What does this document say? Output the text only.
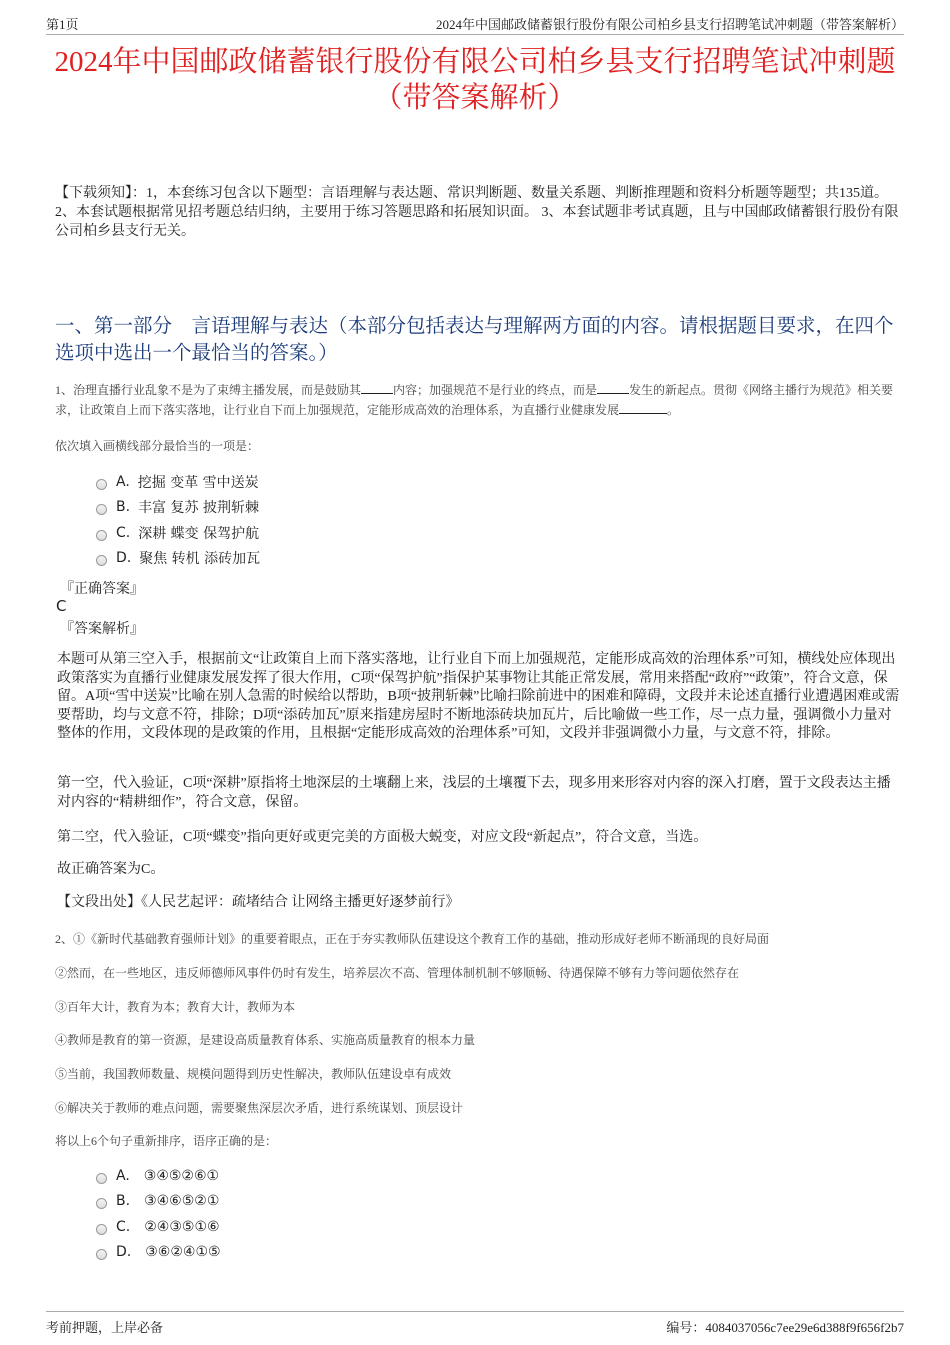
第1页	2024年中国邮政储蓄银行股份有限公司柏乡县支行招聘笔试冲刺题（带答案解析）
2024年中国邮政储蓄银行股份有限公司柏乡县支行招聘笔试冲刺题（带答案解析）
【下载须知】：1，本套练习包含以下题型：言语理解与表达题、常识判断题、数量关系题、判断推理题和资料分析题等题型；共135道。 2、本套试题根据常见招考题总结归纳，主要用于练习答题思路和拓展知识面。 3、本套试题非考试真题，且与中国邮政储蓄银行股份有限公司柏乡县支行无关。
一、第一部分　言语理解与表达（本部分包括表达与理解两方面的内容。请根据题目要求，在四个选项中选出一个最恰当的答案。）
1、治理直播行业乱象不是为了束缚主播发展，而是鼓励其	内容；加强规范不是行业的终点，而是	发生的新起点。贯彻《网络主播行为规范》相关要求，让政策自上而下落实落地，让行业自下而上加强规范，定能形成高效的治理体系，为直播行业健康发展	。
依次填入画横线部分最恰当的一项是：
A. 挖掘 变革 雪中送炭
B. 丰富 复苏 披荆斩棘
C. 深耕 蝶变 保驾护航
D. 聚焦 转机 添砖加瓦
『正确答案』
C
『答案解析』
本题可从第三空入手，根据前文“让政策自上而下落实落地，让行业自下而上加强规范，定能形成高效的治理体系”可知，横线处应体现出政策落实为直播行业健康发展发挥了很大作用，C项“保驾护航”指保护某事物让其能正常发展，常用来搭配“政府”“政策”，符合文意，保留。A项“雪中送炭”比喻在别人急需的时候给以帮助，B项“披荆斩棘”比喻扫除前进中的困难和障碍，文段并未论述直播行业遭遇困难或需要帮助，均与文意不符，排除；D项“添砖加瓦”原来指建房屋时不断地添砖块加瓦片，后比喻做一些工作，尽一点力量，强调微小力量对整体的作用，文段体现的是政策的作用，且根据“定能形成高效的治理体系”可知，文段并非强调微小力量，与文意不符，排除。
第一空，代入验证，C项“深耕”原指将土地深层的土壤翻上来，浅层的土壤覆下去，现多用来形容对内容的深入打磨，置于文段表达主播对内容的“精耕细作”，符合文意，保留。
第二空，代入验证，C项“蝶变”指向更好或更完美的方面极大蜕变，对应文段“新起点”，符合文意，当选。
故正确答案为C。
【文段出处】《人民艺起评：疏堵结合 让网络主播更好逐梦前行》
2、①《新时代基础教育强师计划》的重要着眼点，正在于夯实教师队伍建设这个教育工作的基础，推动形成好老师不断涌现的良好局面
②然而，在一些地区，违反师德师风事件仍时有发生，培养层次不高、管理体制机制不够顺畅、待遇保障不够有力等问题依然存在
③百年大计，教育为本；教育大计，教师为本
④教师是教育的第一资源，是建设高质量教育体系、实施高质量教育的根本力量
⑤当前，我国教师数量、规模问题得到历史性解决，教师队伍建设卓有成效
⑥解决关于教师的难点问题，需要聚焦深层次矛盾，进行系统谋划、顶层设计
将以上6个句子重新排序，语序正确的是：
A. ③④⑤②⑥①
B. ③④⑥⑤②①
C. ②④③⑤①⑥
D. ③⑥②④①⑤
考前押题，上岸必备	编号：4084037056c7ee29e6d388f9f656f2b7
